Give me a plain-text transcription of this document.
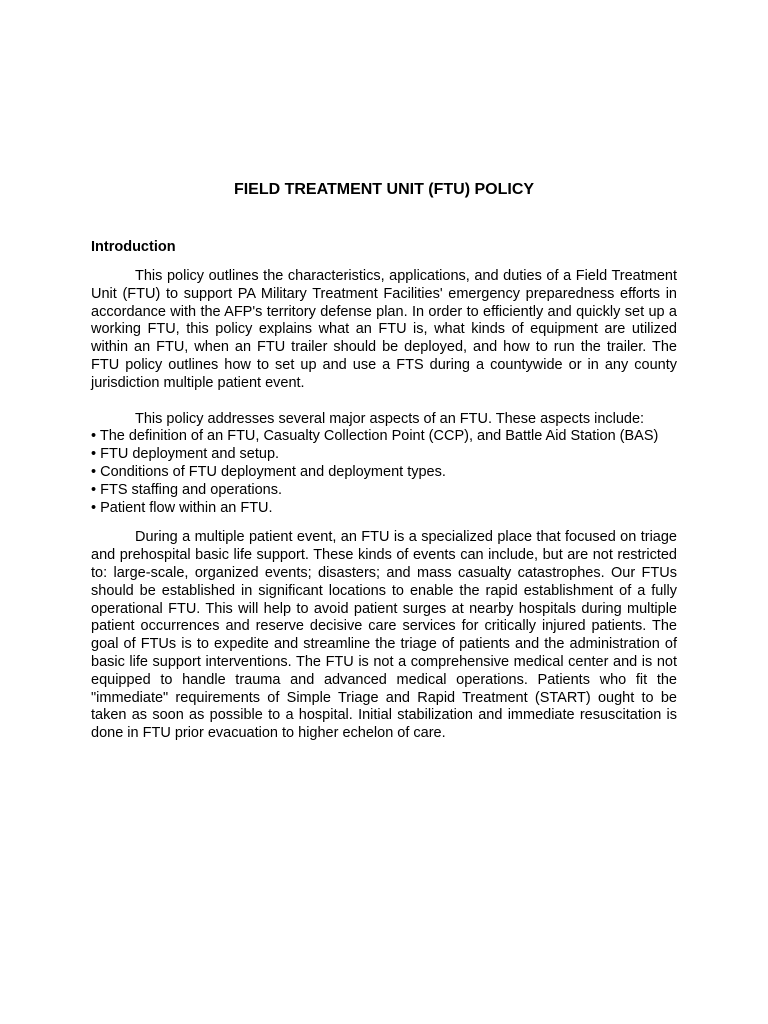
FIELD TREATMENT UNIT (FTU) POLICY
Introduction

This policy outlines the characteristics, applications, and duties of a Field Treatment Unit (FTU) to support PA Military Treatment Facilities' emergency preparedness efforts in accordance with the AFP's territory defense plan. In order to efficiently and quickly set up a working FTU, this policy explains what an FTU is, what kinds of equipment are utilized within an FTU, when an FTU trailer should be deployed, and how to run the trailer. The FTU policy outlines how to set up and use a FTS during a countywide or in any county jurisdiction multiple patient event.

This policy addresses several major aspects of an FTU. These aspects include:

• The definition of an FTU, Casualty Collection Point (CCP), and Battle Aid Station (BAS)
• FTU deployment and setup.
• Conditions of FTU deployment and deployment types.
• FTS staffing and operations.
• Patient flow within an FTU.

During a multiple patient event, an FTU is a specialized place that focused on triage and prehospital basic life support. These kinds of events can include, but are not restricted to: large-scale, organized events; disasters; and mass casualty catastrophes. Our FTUs should be established in significant locations to enable the rapid establishment of a fully operational FTU. This will help to avoid patient surges at nearby hospitals during multiple patient occurrences and reserve decisive care services for critically injured patients. The goal of FTUs is to expedite and streamline the triage of patients and the administration of basic life support interventions. The FTU is not a comprehensive medical center and is not equipped to handle trauma and advanced medical operations. Patients who fit the "immediate" requirements of Simple Triage and Rapid Treatment (START) ought to be taken as soon as possible to a hospital. Initial stabilization and immediate resuscitation is done in FTU prior evacuation to higher echelon of care.
